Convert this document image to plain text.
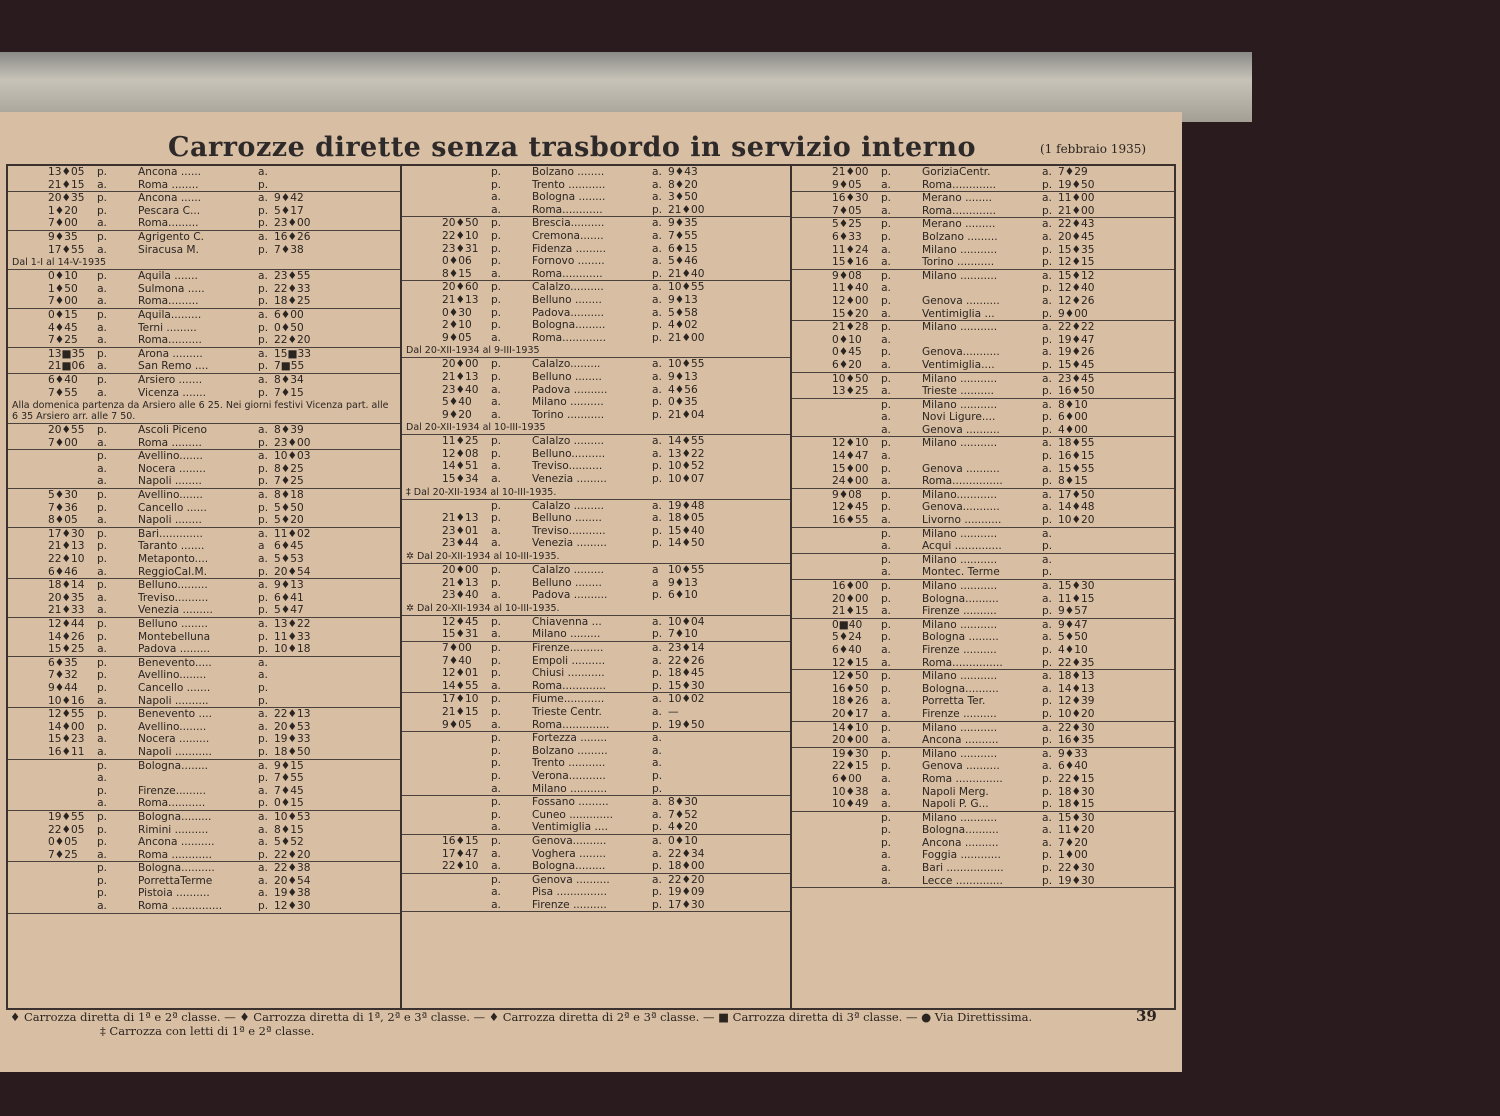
Carrozze dirette senza trasbordo in servizio interno	(1 febbraio 1935)
13♦05	p.	Ancona ......	a.
21♦15	a.	Roma ........	p.
20♦35	p.	Ancona ......	a. 9♦42
1♦20	p.	Pescara C...	p. 5♦17
7♦00	a.	Roma.........	p. 23♦00
9♦35	p.	Agrigento C.	a. 16♦26
17♦55	a.	Siracusa M.	p. 7♦38
Dal 1-I al 14-V-1935
0♦10	p.	Aquila .......	a. 23♦55
1♦50	a.	Sulmona .....	p. 22♦33
7♦00	a.	Roma.........	p. 18♦25
0♦15	p.	Aquila.........	a. 6♦00
4♦45	a.	Terni .........	p. 0♦50
7♦25	a.	Roma..........	p. 22♦20
13■35	p.	Arona .........	a. 15■33
21■06	a.	San Remo ....	p. 7■55
6♦40	p.	Arsiero .......	a. 8♦34
7♦55	a.	Vicenza .......	p. 7♦15
Alla domenica partenza da Arsiero alle 6 25. Nei giorni festivi Vicenza part. alle 6 35 Arsiero arr. alle 7 50.
20♦55	p.	Ascoli Piceno	a. 8♦39
7♦00	a.	Roma .........	p. 23♦00
p.	Avellino.......	a. 10♦03
a.	Nocera ........	p. 8♦25
a.	Napoli ........	p. 7♦25
5♦30	p.	Avellino.......	a. 8♦18
7♦36	p.	Cancello ......	p. 5♦50
8♦05	a.	Napoli ........	p. 5♦20
17♦30	p.	Bari.............	a. 11♦02
21♦13	p.	Taranto .......	a 6♦45
22♦10	p.	Metaponto....	a. 5♦53
6♦46	a.	ReggioCal.M.	p. 20♦54
18♦14	p.	Belluno.........	a. 9♦13
20♦35	a.	Treviso..........	p. 6♦41
21♦33	a.	Venezia .........	p. 5♦47
12♦44	p.	Belluno ........	a. 13♦22
14♦26	p.	Montebelluna	p. 11♦33
15♦25	a.	Padova .........	p. 10♦18
6♦35	p.	Benevento.....	a.
7♦32	p.	Avellino........	a.
9♦44	p.	Cancello .......	p.
10♦16	a.	Napoli ..........	p.
12♦55	p.	Benevento ....	a. 22♦13
14♦00	p.	Avellino........	a. 20♦53
15♦23	a.	Nocera .........	p. 19♦33
16♦11	a.	Napoli ...........	p. 18♦50
p.	Bologna........	a. 9♦15
a.	p. 7♦55
p.	Firenze.........	a. 7♦45
a.	Roma...........	p. 0♦15
19♦55	p.	Bologna.........	a. 10♦53
22♦05	p.	Rimini ..........	a. 8♦15
0♦05	p.	Ancona ..........	a. 5♦52
7♦25	a.	Roma ............	p. 22♦20
p.	Bologna..........	a. 22♦38
p.	PorrettaTerme	a. 20♦54
p.	Pistoia ..........	a. 19♦38
a.	Roma ...............	p. 12♦30
p.	Bolzano ........	a. 9♦43
p.	Trento ...........	a. 8♦20
a.	Bologna ........	a. 3♦50
a.	Roma............	p. 21♦00
20♦50	p.	Brescia..........	a. 9♦35
22♦10	p.	Cremona.......	a. 7♦55
23♦31	p.	Fidenza .........	a. 6♦15
0♦06	p.	Fornovo ........	a. 5♦46
8♦15	a.	Roma............	p. 21♦40
20♦60	p.	Calalzo..........	a. 10♦55
21♦13	p.	Belluno ........	a. 9♦13
0♦30	p.	Padova..........	a. 5♦58
2♦10	p.	Bologna.........	p. 4♦02
9♦05	a.	Roma.............	p. 21♦00
Dal 20-XII-1934 al 9-III-1935
20♦00	p.	Calalzo.........	a. 10♦55
21♦13	p.	Belluno ........	a. 9♦13
23♦40	a.	Padova ..........	a. 4♦56
5♦40	a.	Milano ..........	p. 0♦35
9♦20	a.	Torino ...........	p. 21♦04
Dal 20-XII-1934 al 10-III-1935
11♦25	p.	Calalzo .........	a. 14♦55
12♦08	p.	Belluno..........	a. 13♦22
14♦51	a.	Treviso..........	p. 10♦52
15♦34	a.	Venezia .........	p. 10♦07
‡ Dal 20-XII-1934 al 10-III-1935.
p.	Calalzo .........	a. 19♦48
21♦13	p.	Belluno ........	a. 18♦05
23♦01	a.	Treviso...........	p. 15♦40
23♦44	a.	Venezia .........	p. 14♦50
✲ Dal 20-XII-1934 al 10-III-1935.
20♦00	p.	Calalzo .........	a 10♦55
21♦13	p.	Belluno ........	a 9♦13
23♦40	a.	Padova ..........	p. 6♦10
✲ Dal 20-XII-1934 al 10-III-1935.
12♦45	p.	Chiavenna ...	a. 10♦04
15♦31	a.	Milano .........	p. 7♦10
7♦00	p.	Firenze..........	a. 23♦14
7♦40	p.	Empoli ..........	a. 22♦26
12♦01	p.	Chiusi ...........	p. 18♦45
14♦55	a.	Roma.............	p. 15♦30
17♦10	p.	Fiume............	a. 10♦02
21♦15	p.	Trieste Centr.	a. —
9♦05	a.	Roma..............	p. 19♦50
p.	Fortezza ........	a.
p.	Bolzano .........	a.
p.	Trento ...........	a.
p.	Verona...........	p.
a.	Milano ...........	p.
p.	Fossano .........	a. 8♦30
p.	Cuneo .............	a. 7♦52
a.	Ventimiglia ....	p. 4♦20
16♦15	p.	Genova..........	a. 0♦10
17♦47	a.	Voghera ........	a. 22♦34
22♦10	a.	Bologna.........	p. 18♦00
p.	Genova ..........	a. 22♦20
a.	Pisa ...............	p. 19♦09
a.	Firenze ..........	p. 17♦30
21♦00	p.	GoriziaCentr.	a. 7♦29
9♦05	a.	Roma.............	p. 19♦50
16♦30	p.	Merano ........	a. 11♦00
7♦05	a.	Roma.............	p. 21♦00
5♦25	p.	Merano .........	a. 22♦43
6♦33	p.	Bolzano .........	a. 20♦45
11♦24	a.	Milano ...........	p. 15♦35
15♦16	a.	Torino ...........	p. 12♦15
9♦08	p.	Milano ...........	a. 15♦12
11♦40	a.	p. 12♦40
12♦00	p.	Genova ..........	a. 12♦26
15♦20	a.	Ventimiglia ...	p. 9♦00
21♦28	p.	Milano ...........	a. 22♦22
0♦10	a.	p. 19♦47
0♦45	p.	Genova...........	a. 19♦26
6♦20	a.	Ventimiglia....	p. 15♦45
10♦50	p.	Milano ...........	a. 23♦45
13♦25	a.	Trieste ..........	p. 16♦50
p.	Milano ...........	a. 8♦10
a.	Novi Ligure....	p. 6♦00
a.	Genova ..........	p. 4♦00
12♦10	p.	Milano ...........	a. 18♦55
14♦47	a.	p. 16♦15
15♦00	p.	Genova ..........	a. 15♦55
24♦00	a.	Roma...............	p. 8♦15
9♦08	p.	Milano............	a. 17♦50
12♦45	p.	Genova...........	a. 14♦48
16♦55	a.	Livorno ...........	p. 10♦20
p.	Milano ...........	a.
a.	Acqui ..............	p.
p.	Milano ...........	a.
a.	Montec. Terme	p.
16♦00	p.	Milano ...........	a. 15♦30
20♦00	p.	Bologna..........	a. 11♦15
21♦15	a.	Firenze ..........	p. 9♦57
0■40	p.	Milano ...........	a. 9♦47
5♦24	p.	Bologna .........	a. 5♦50
6♦40	a.	Firenze ..........	p. 4♦10
12♦15	a.	Roma...............	p. 22♦35
12♦50	p.	Milano ...........	a. 18♦13
16♦50	p.	Bologna..........	a. 14♦13
18♦26	a.	Porretta Ter.	p. 12♦39
20♦17	a.	Firenze ..........	p. 10♦20
14♦10	p.	Milano ...........	a. 22♦30
20♦00	a.	Ancona ..........	p. 16♦35
19♦30	p.	Milano ...........	a. 9♦33
22♦15	p.	Genova ..........	a. 6♦40
6♦00	a.	Roma ..............	p. 22♦15
10♦38	a.	Napoli Merg.	p. 18♦30
10♦49	a.	Napoli P. G...	p. 18♦15
p.	Milano ...........	a. 15♦30
p.	Bologna..........	a. 11♦20
p.	Ancona ..........	a. 7♦20
a.	Foggia ............	p. 1♦00
a.	Bari .................	p. 22♦30
a.	Lecce ..............	p. 19♦30
♦ Carrozza diretta di 1ª e 2ª classe. — ♦ Carrozza diretta di 1ª, 2ª e 3ª classe. — ♦ Carrozza diretta di 2ª e 3ª classe. — ■ Carrozza diretta di 3ª classe. — ● Via Direttissima.
‡ Carrozza con letti di 1ª e 2ª classe.
39
